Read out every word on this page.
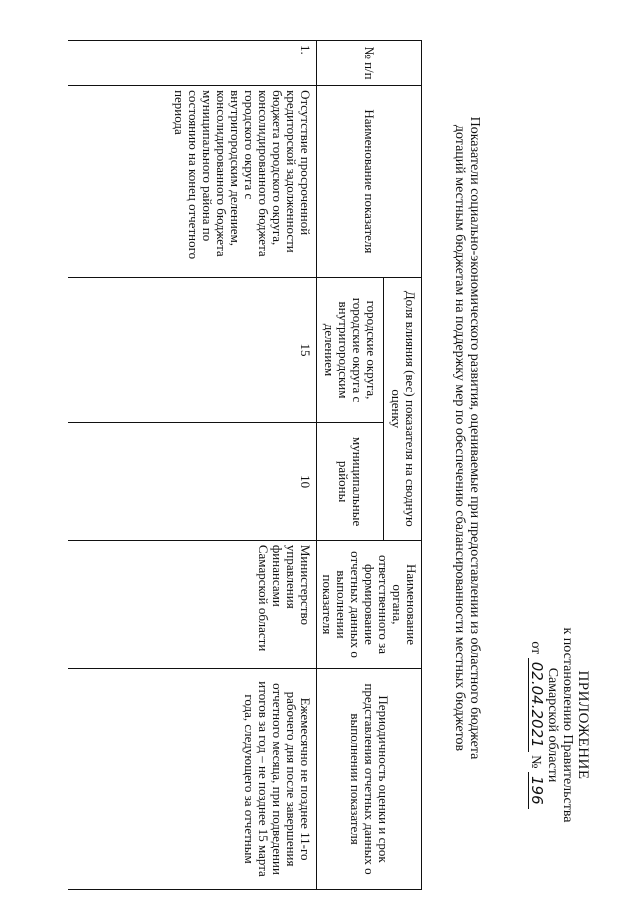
ПРИЛОЖЕНИЕ
к постановлению Правительства
Самарской области
от 02.04.2021 № 196
Показатели социально-экономического развития, оцениваемые при предоставлении из областного бюджета
дотаций местным бюджетам на поддержку мер по обеспечению сбалансированности местных бюджетов
№ п/п	Наименование показателя	Доля влияния (вес) показателя на сводную оценку		Наименование органа, ответственного за формирование отчетных данных о выполнении показателя	Периодичность оценки и срок представления отчетных данных о выполнении показателя
		городские округа, городские округа с внутригородским делением	муниципальные районы		
1.	Отсутствие просроченной кредиторской задолженности бюджета городского округа, консолидированного бюджета городского округа с внутригородским делением, консолидированного бюджета муниципального района по состоянию на конец отчетного периода	15	10	Министерство управления финансами Самарской области	Ежемесячно не позднее 11-го рабочего дня после завершения отчетного месяца, при подведении итогов за год – не позднее 15 марта года, следующего за отчетным
